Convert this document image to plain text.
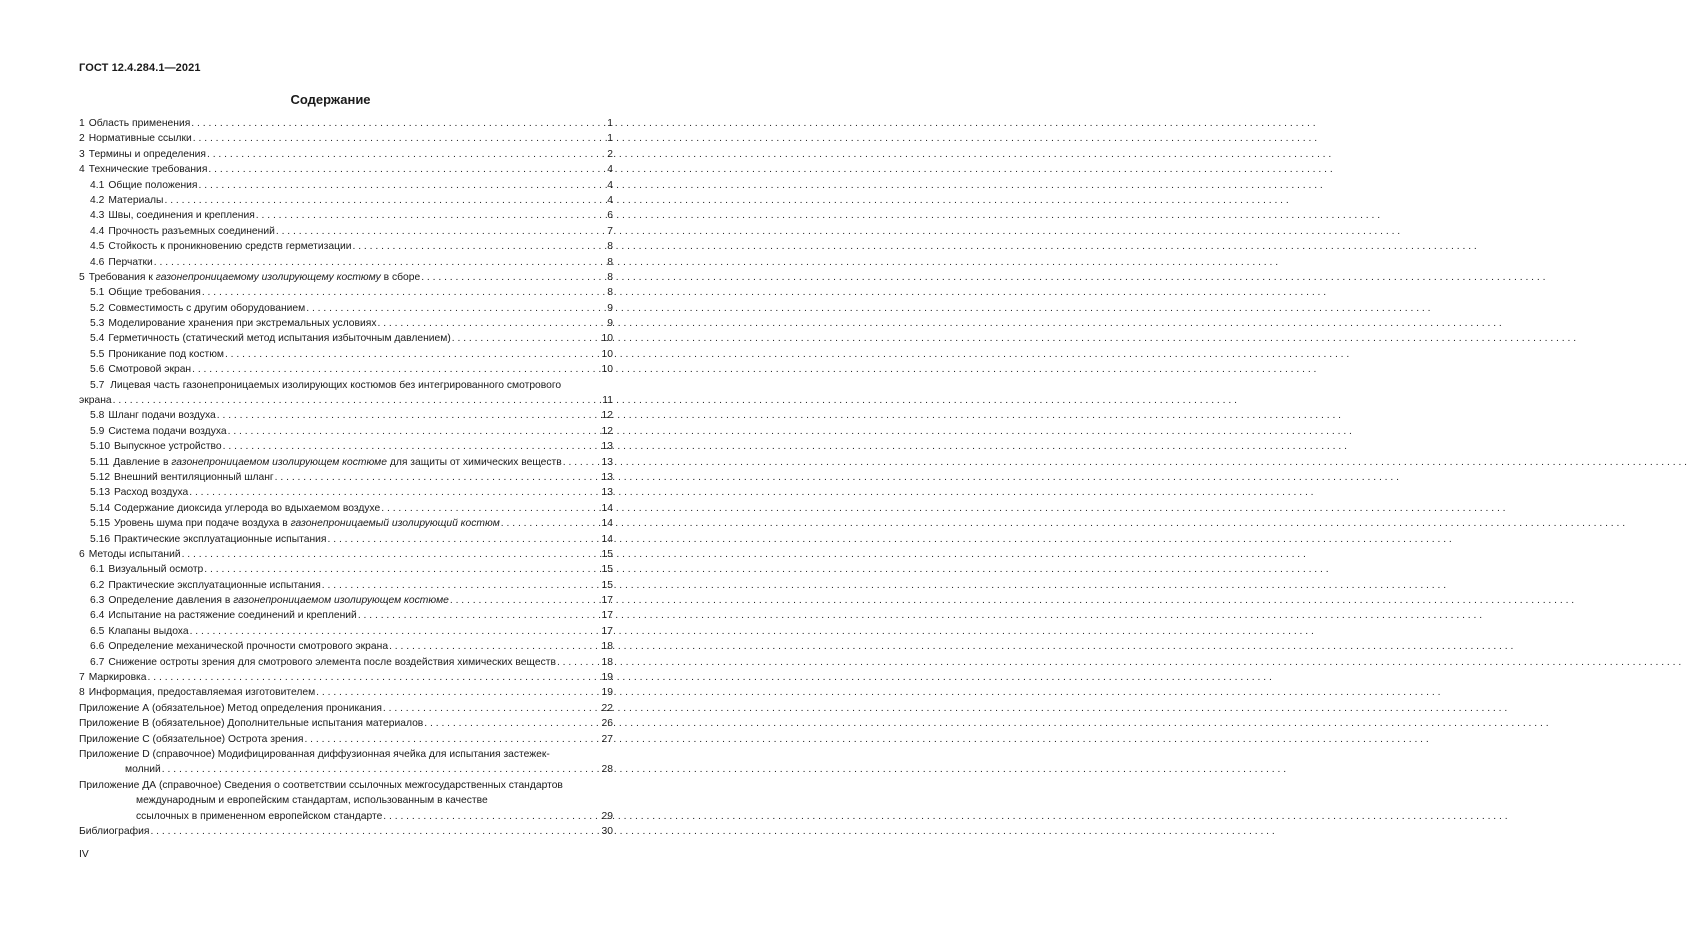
ГОСТ 12.4.284.1—2021
Содержание
1 Область применения . . .	1
2 Нормативные ссылки . . .	1
3 Термины и определения . . .	2
4 Технические требования . . .	4
4.1 Общие положения . . .	4
4.2 Материалы . . .	4
4.3 Швы, соединения и крепления . . .	6
4.4 Прочность разъемных соединений . . .	7
4.5 Стойкость к проникновению средств герметизации . . .	8
4.6 Перчатки . . .	8
5 Требования к газонепроницаемому изолирующему костюму в сборе . . .	8
5.1 Общие требования . . .	8
5.2 Совместимость с другим оборудованием . . .	9
5.3 Моделирование хранения при экстремальных условиях . . .	9
5.4 Герметичность (статический метод испытания избыточным давлением) . . .	10
5.5 Проникание под костюм . . .	10
5.6 Смотровой экран . . .	10
5.7 Лицевая часть газонепроницаемых изолирующих костюмов без интегрированного смотрового
экрана . . .	11
5.8 Шланг подачи воздуха . . .	12
5.9 Система подачи воздуха . . .	12
5.10 Выпускное устройство . . .	13
5.11 Давление в газонепроницаемом изолирующем костюме для защиты от химических веществ . . .	13
5.12 Внешний вентиляционный шланг . . .	13
5.13 Расход воздуха . . .	13
5.14 Содержание диоксида углерода во вдыхаемом воздухе . . .	14
5.15 Уровень шума при подаче воздуха в газонепроницаемый изолирующий костюм . . .	14
5.16 Практические эксплуатационные испытания . . .	14
6 Методы испытаний . . .	15
6.1 Визуальный осмотр . . .	15
6.2 Практические эксплуатационные испытания . . .	15
6.3 Определение давления в газонепроницаемом изолирующем костюме . . .	17
6.4 Испытание на растяжение соединений и креплений . . .	17
6.5 Клапаны выдоха . . .	17
6.6 Определение механической прочности смотрового экрана . . .	18
6.7 Снижение остроты зрения для смотрового элемента после воздействия химических веществ . . .	18
7 Маркировка . . .	19
8 Информация, предоставляемая изготовителем . . .	19
Приложение А (обязательное) Метод определения проникания . . .	22
Приложение В (обязательное) Дополнительные испытания материалов . . .	26
Приложение С (обязательное) Острота зрения . . .	27
Приложение D (справочное) Модифицированная диффузионная ячейка для испытания застежек-
молний . . .	28
Приложение ДА (справочное) Сведения о соответствии ссылочных межгосударственных стандартов
международным и европейским стандартам, использованным в качестве
ссылочных в примененном европейском стандарте . . .	29
Библиография . . .	30
IV
